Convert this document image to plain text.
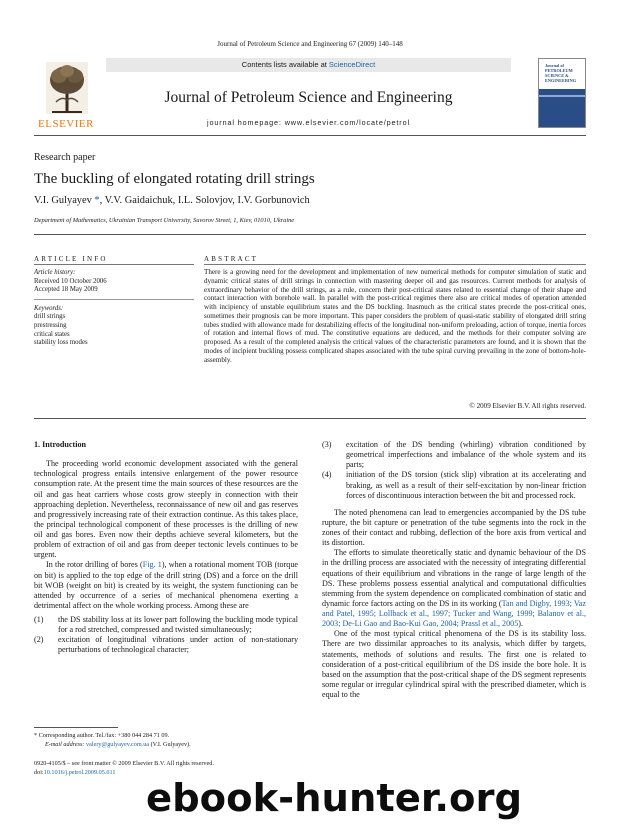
Journal of Petroleum Science and Engineering 67 (2009) 140–148
ELSEVIER
Contents lists available at ScienceDirect
Journal of Petroleum Science and Engineering
journal homepage: www.elsevier.com/locate/petrol
Journal of PETROLEUM SCIENCE & ENGINEERING
Research paper
The buckling of elongated rotating drill strings
V.I. Gulyayev *, V.V. Gaidaichuk, I.L. Solovjov, I.V. Gorbunovich
Department of Mathematics, Ukrainian Transport University, Suvorov Street, 1, Kiev, 01010, Ukraine
ARTICLE INFO	ABSTRACT
Article history:
Received 10 October 2006
Accepted 18 May 2009
Keywords:
drill strings
prestressing
critical states
stability loss modes
There is a growing need for the development and implementation of new numerical methods for computer simulation of static and dynamic critical states of drill strings in connection with mastering deeper oil and gas resources. Current methods for analysis of extraordinary behavior of the drill strings, as a rule, concern their post-critical states related to essential change of their shape and contact interaction with borehole wall. In parallel with the post-critical regimes there also are critical modes of operation attended with incipiency of unstable equilibrium states and the DS buckling. Inasmuch as the critical states precede the post-critical ones, sometimes their prognosis can be more important. This paper considers the problem of quasi-static stability of elongated drill string tubes studied with allowance made for destabilizing effects of the longitudinal non-uniform preloading, action of torque, inertia forces of rotation and internal flows of mud. The constitutive equations are deduced, and the methods for their computer solving are proposed. As a result of the completed analysis the critical values of the characteristic parameters are found, and it is shown that the modes of incipient buckling possess complicated shapes associated with the tube spiral curving prevailing in the zone of bottom-hole-assembly.
© 2009 Elsevier B.V. All rights reserved.
1. Introduction

The proceeding world economic development associated with the general technological progress entails intensive enlargement of the power resource consumption rate. At the present time the main sources of these resources are the oil and gas heat carriers whose costs grow steeply in connection with their approaching depletion. Nevertheless, reconnaissance of new oil and gas reserves and progressively increasing rate of their extraction continue. As this takes place, the principal technological component of these processes is the drilling of new oil and gas bores. Even now their depths achieve several kilometers, but the problem of extraction of oil and gas from deeper tectonic levels continues to be urgent.

In the rotor drilling of bores (Fig. 1), when a rotational moment TOB (torque on bit) is applied to the top edge of the drill string (DS) and a force on the drill bit WOB (weight on bit) is created by its weight, the system functioning can be attended by occurrence of a series of mechanical phenomena exerting a detrimental affect on the whole working process. Among these are

(1) the DS stability loss at its lower part following the buckling mode typical for a rod stretched, compressed and twisted simultaneously;
(2) excitation of longitudinal vibrations under action of non-stationary perturbations of technological character;
(3) excitation of the DS bending (whirling) vibration conditioned by geometrical imperfections and imbalance of the whole system and its parts;
(4) initiation of the DS torsion (stick slip) vibration at its accelerating and braking, as well as a result of their self-excitation by non-linear friction forces of discontinuous interaction between the bit and processed rock.

The noted phenomena can lead to emergencies accompanied by the DS tube rupture, the bit capture or penetration of the tube segments into the rock in the zones of their contact and rubbing, deflection of the bore axis from vertical and its distortion.

The efforts to simulate theoretically static and dynamic behaviour of the DS in the drilling process are associated with the necessity of integrating differential equations of their equilibrium and vibrations in the range of large length of the DS. These problems possess essential analytical and computational difficulties stemming from the system dependence on complicated combination of static and dynamic force factors acting on the DS in its working (Tan and Digby, 1993; Vaz and Patel, 1995; Lollback et al., 1997; Tucker and Wang, 1999; Balanov et al., 2003; De-Li Gao and Bao-Kui Gao, 2004; Prassl et al., 2005).

One of the most typical critical phenomena of the DS is its stability loss. There are two dissimilar approaches to its analysis, which differ by targets, statements, methods of solutions and results. The first one is related to consideration of a post-critical equilibrium of the DS inside the bore hole. It is based on the assumption that the post-critical shape of the DS segment represents some regular or irregular cylindrical spiral with the prescribed diameter, which is equal to the

* Corresponding author. Tel./fax: +380 044 284 71 09.
E-mail address: valery@gulyayev.com.ua (V.I. Gulyayev).
0920-4105/$ – see front matter © 2009 Elsevier B.V. All rights reserved.
doi:10.1016/j.petrol.2009.05.011
ebook-hunter.org
